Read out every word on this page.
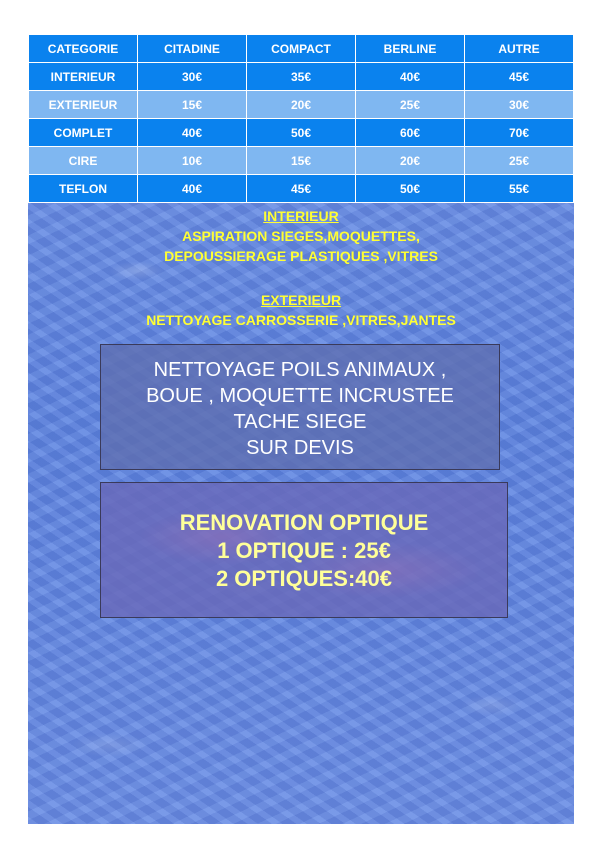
CATEGORIE	CITADINE	COMPACT	BERLINE	AUTRE
INTERIEUR	30€	35€	40€	45€
EXTERIEUR	15€	20€	25€	30€
COMPLET	40€	50€	60€	70€
CIRE	10€	15€	20€	25€
TEFLON	40€	45€	50€	55€
INTERIEUR
ASPIRATION SIEGES,MOQUETTES,
DEPOUSSIERAGE PLASTIQUES ,VITRES
EXTERIEUR
NETTOYAGE CARROSSERIE ,VITRES,JANTES
NETTOYAGE POILS ANIMAUX ,
BOUE , MOQUETTE INCRUSTEE
TACHE SIEGE
SUR DEVIS
RENOVATION OPTIQUE
1 OPTIQUE : 25€
2 OPTIQUES:40€
